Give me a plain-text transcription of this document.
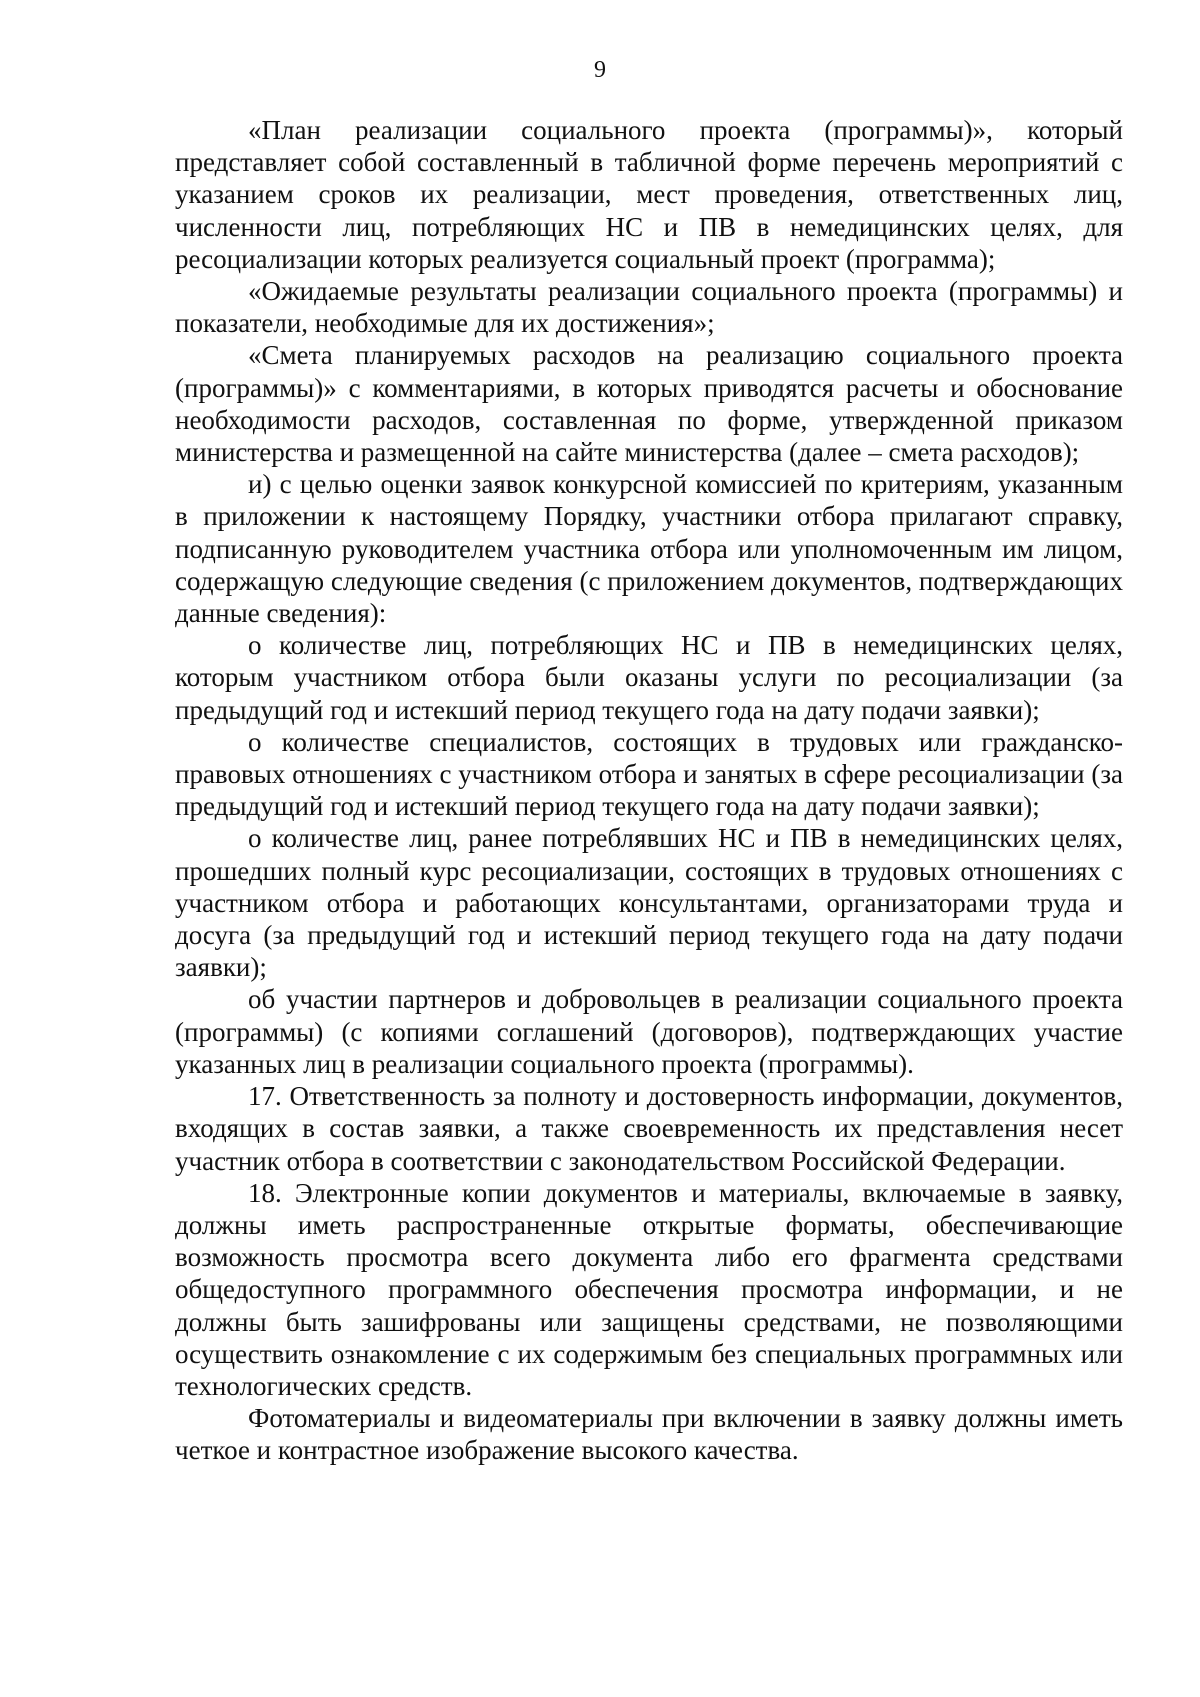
9

«План реализации социального проекта (программы)», который представляет собой составленный в табличной форме перечень мероприятий с указанием сроков их реализации, мест проведения, ответственных лиц, численности лиц, потребляющих НС и ПВ в немедицинских целях, для ресоциализации которых реализуется социальный проект (программа);

«Ожидаемые результаты реализации социального проекта (программы) и показатели, необходимые для их достижения»;

«Смета планируемых расходов на реализацию социального проекта (программы)» с комментариями, в которых приводятся расчеты и обоснование необходимости расходов, составленная по форме, утвержденной приказом министерства и размещенной на сайте министерства (далее – смета расходов);

и) с целью оценки заявок конкурсной комиссией по критериям, указанным в приложении к настоящему Порядку, участники отбора прилагают справку, подписанную руководителем участника отбора или уполномоченным им лицом, содержащую следующие сведения (с приложением документов, подтверждающих данные сведения):

о количестве лиц, потребляющих НС и ПВ в немедицинских целях, которым участником отбора были оказаны услуги по ресоциализации (за предыдущий год и истекший период текущего года на дату подачи заявки);

о количестве специалистов, состоящих в трудовых или гражданско-правовых отношениях с участником отбора и занятых в сфере ресоциализации (за предыдущий год и истекший период текущего года на дату подачи заявки);

о количестве лиц, ранее потреблявших НС и ПВ в немедицинских целях, прошедших полный курс ресоциализации, состоящих в трудовых отношениях с участником отбора и работающих консультантами, организаторами труда и досуга (за предыдущий год и истекший период текущего года на дату подачи заявки);

об участии партнеров и добровольцев в реализации социального проекта (программы) (с копиями соглашений (договоров), подтверждающих участие указанных лиц в реализации социального проекта (программы).

17. Ответственность за полноту и достоверность информации, документов, входящих в состав заявки, а также своевременность их представления несет участник отбора в соответствии с законодательством Российской Федерации.

18. Электронные копии документов и материалы, включаемые в заявку, должны иметь распространенные открытые форматы, обеспечивающие возможность просмотра всего документа либо его фрагмента средствами общедоступного программного обеспечения просмотра информации, и не должны быть зашифрованы или защищены средствами, не позволяющими осуществить ознакомление с их содержимым без специальных программных или технологических средств.

Фотоматериалы и видеоматериалы при включении в заявку должны иметь четкое и контрастное изображение высокого качества.
